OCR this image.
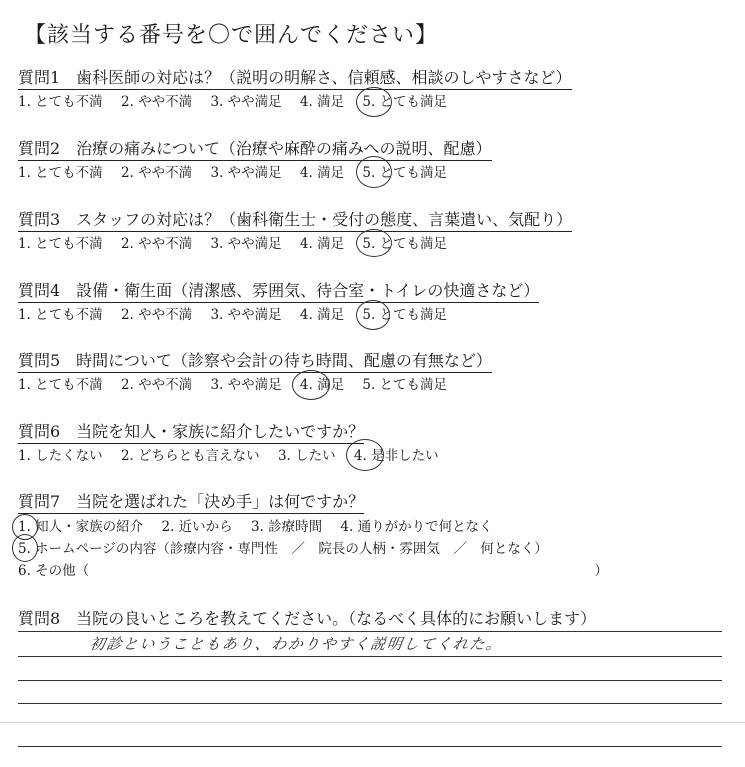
【該当する番号を〇で囲んでください】
質問1　歯科医師の対応は？（説明の明解さ、信頼感、相談のしやすさなど）
1. とても不満 2. やや不満 3. やや満足 4. 満足 5. とても満足
質問2　治療の痛みについて（治療や麻酔の痛みへの説明、配慮）
1. とても不満 2. やや不満 3. やや満足 4. 満足 5. とても満足
質問3　スタッフの対応は？（歯科衛生士・受付の態度、言葉遣い、気配り）
1. とても不満 2. やや不満 3. やや満足 4. 満足 5. とても満足
質問4　設備・衛生面（清潔感、雰囲気、待合室・トイレの快適さなど）
1. とても不満 2. やや不満 3. やや満足 4. 満足 5. とても満足
質問5　時間について（診察や会計の待ち時間、配慮の有無など）
1. とても不満 2. やや不満 3. やや満足 4. 満足 5. とても満足
質問6　当院を知人・家族に紹介したいですか？
1. したくない 2. どちらとも言えない 3. したい 4. 是非したい
質問7　当院を選ばれた「決め手」は何ですか？
1. 知人・家族の紹介 2. 近いから 3. 診療時間 4. 通りがかりで何となく
5. ホームページの内容（診療内容・専門性　／　院長の人柄・雰囲気　／　何となく）
6. その他（	）
質問8　当院の良いところを教えてください。（なるべく具体的にお願いします）
初診ということもあり、わかりやすく説明してくれた。
